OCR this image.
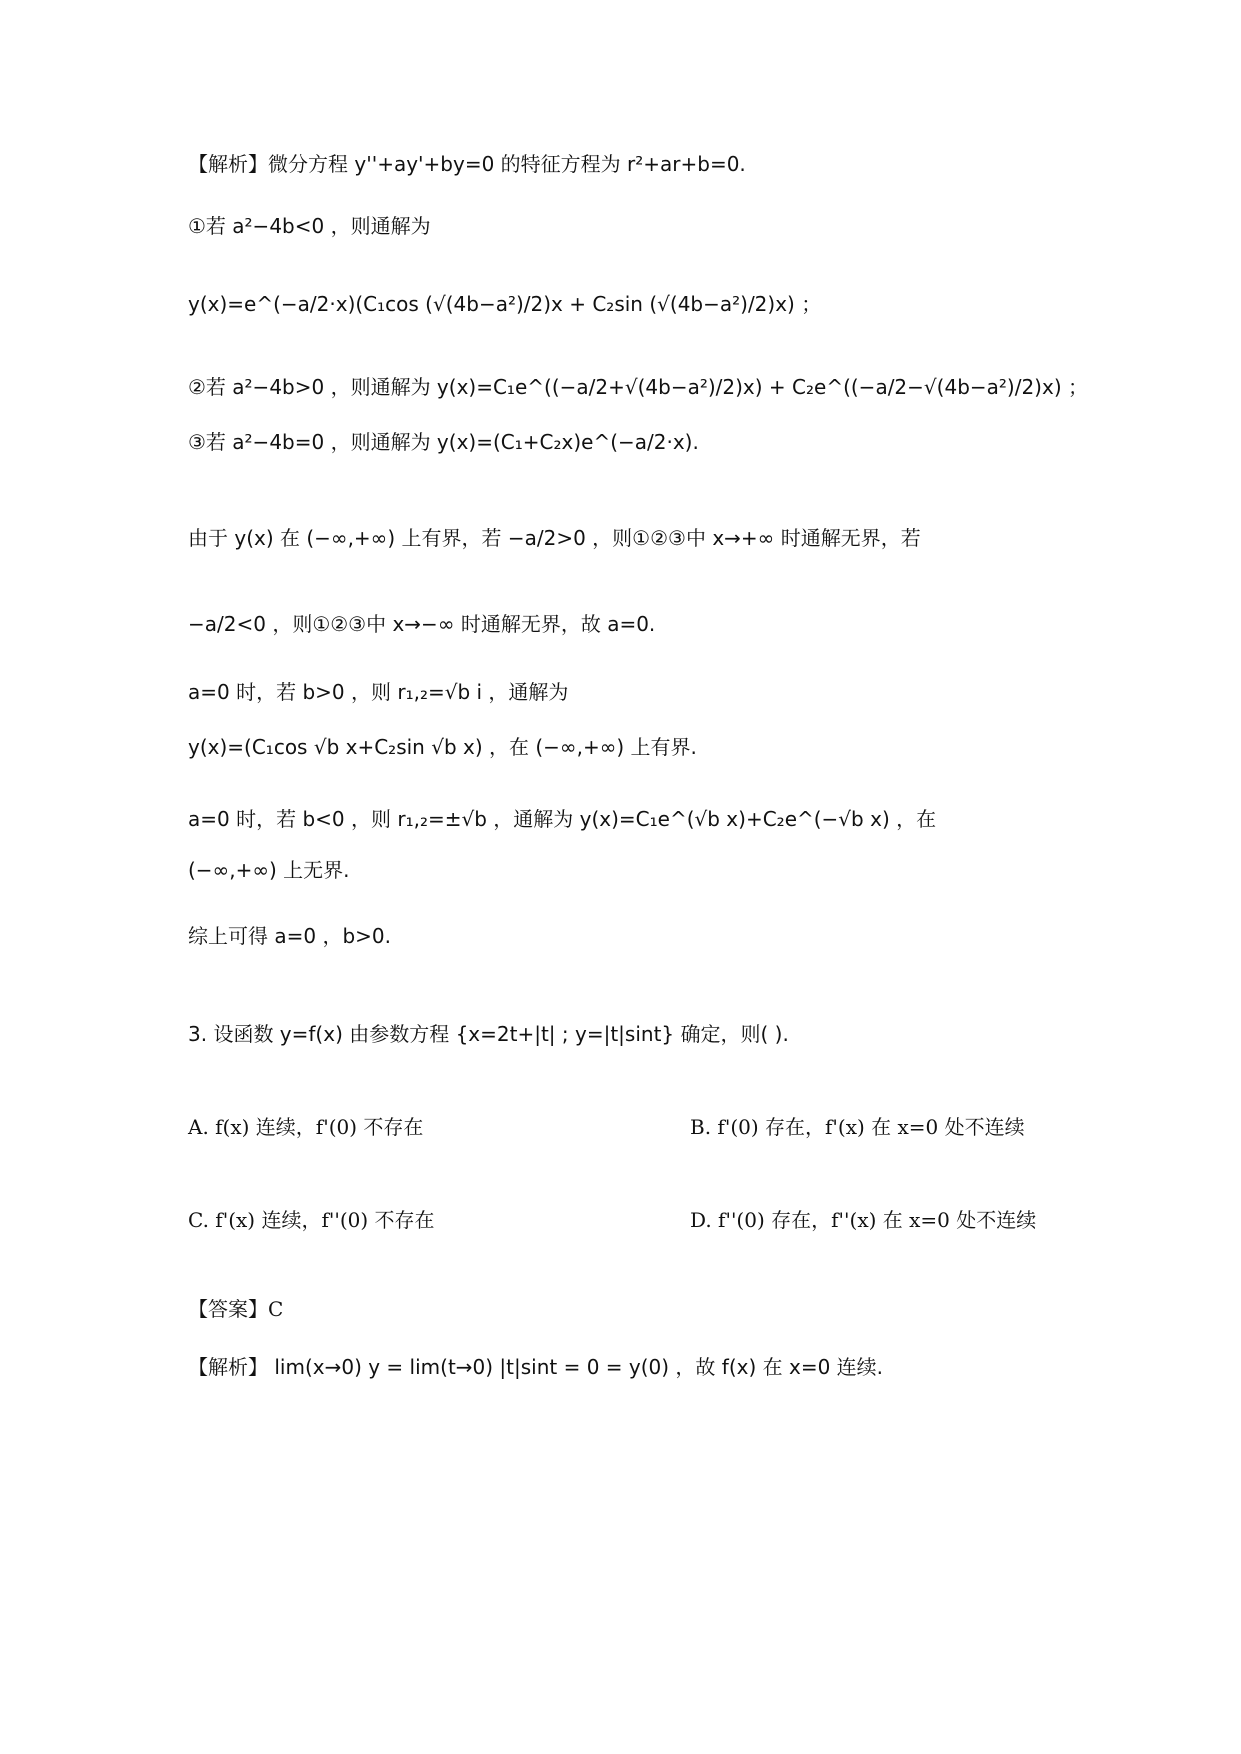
【解析】微分方程 y''+ay'+by=0 的特征方程为 r²+ar+b=0.
①若 a²−4b<0 ，则通解为
y(x)=e^(−a/2·x)(C₁cos (√(4b−a²)/2)x + C₂sin (√(4b−a²)/2)x) ；
②若 a²−4b>0 ，则通解为 y(x)=C₁e^((−a/2+√(4b−a²)/2)x) + C₂e^((−a/2−√(4b−a²)/2)x) ；
③若 a²−4b=0 ，则通解为 y(x)=(C₁+C₂x)e^(−a/2·x).
由于 y(x) 在 (−∞,+∞) 上有界，若 −a/2>0 ，则①②③中 x→+∞ 时通解无界，若
−a/2<0 ，则①②③中 x→−∞ 时通解无界，故 a=0.
a=0 时，若 b>0 ，则 r₁,₂=√b i ，通解为
y(x)=(C₁cos √b x+C₂sin √b x) ，在 (−∞,+∞) 上有界.
a=0 时，若 b<0 ，则 r₁,₂=±√b ，通解为 y(x)=C₁e^(√b x)+C₂e^(−√b x) ，在
(−∞,+∞) 上无界.
综上可得 a=0 ，b>0.
3. 设函数 y=f(x) 由参数方程 {x=2t+|t| ; y=|t|sint} 确定，则( ).
A. f(x) 连续，f'(0) 不存在	B. f'(0) 存在，f'(x) 在 x=0 处不连续
C. f'(x) 连续，f''(0) 不存在	D. f''(0) 存在，f''(x) 在 x=0 处不连续
【答案】C
【解析】 lim(x→0) y = lim(t→0) |t|sint = 0 = y(0) ，故 f(x) 在 x=0 连续.
